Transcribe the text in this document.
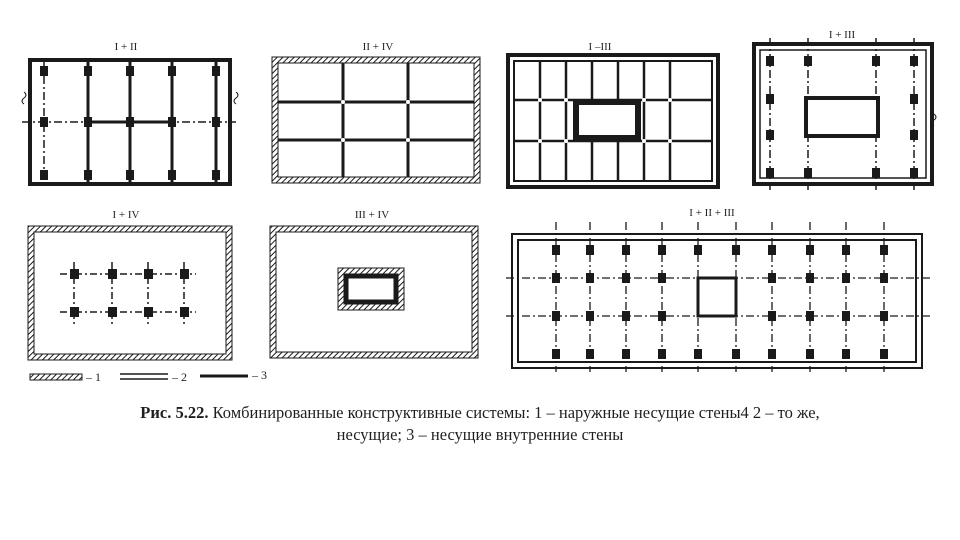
I + II	II + IV	I –III
I + III
I + IV	III + IV	I + II + III
– 1	– 2	– 3
Рис. 5.22. Комбинированные конструктивные системы: 1 – наружные несущие стены4 2 – то же,
несущие; 3 – несущие внутренние стены
